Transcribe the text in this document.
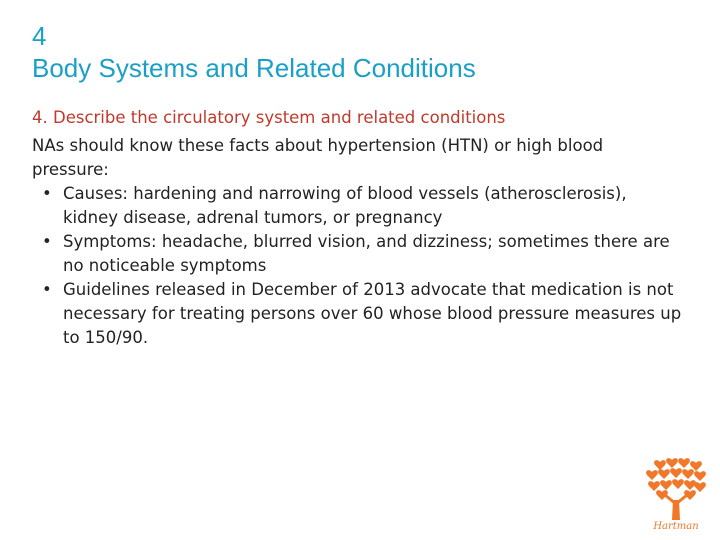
4
Body Systems and Related Conditions
4. Describe the circulatory system and related conditions

NAs should know these facts about hypertension (HTN) or high blood pressure:

• Causes: hardening and narrowing of blood vessels (atherosclerosis), kidney disease, adrenal tumors, or pregnancy
• Symptoms: headache, blurred vision, and dizziness; sometimes there are no noticeable symptoms
• Guidelines released in December of 2013 advocate that medication is not necessary for treating persons over 60 whose blood pressure measures up to 150/90.
Hartman
